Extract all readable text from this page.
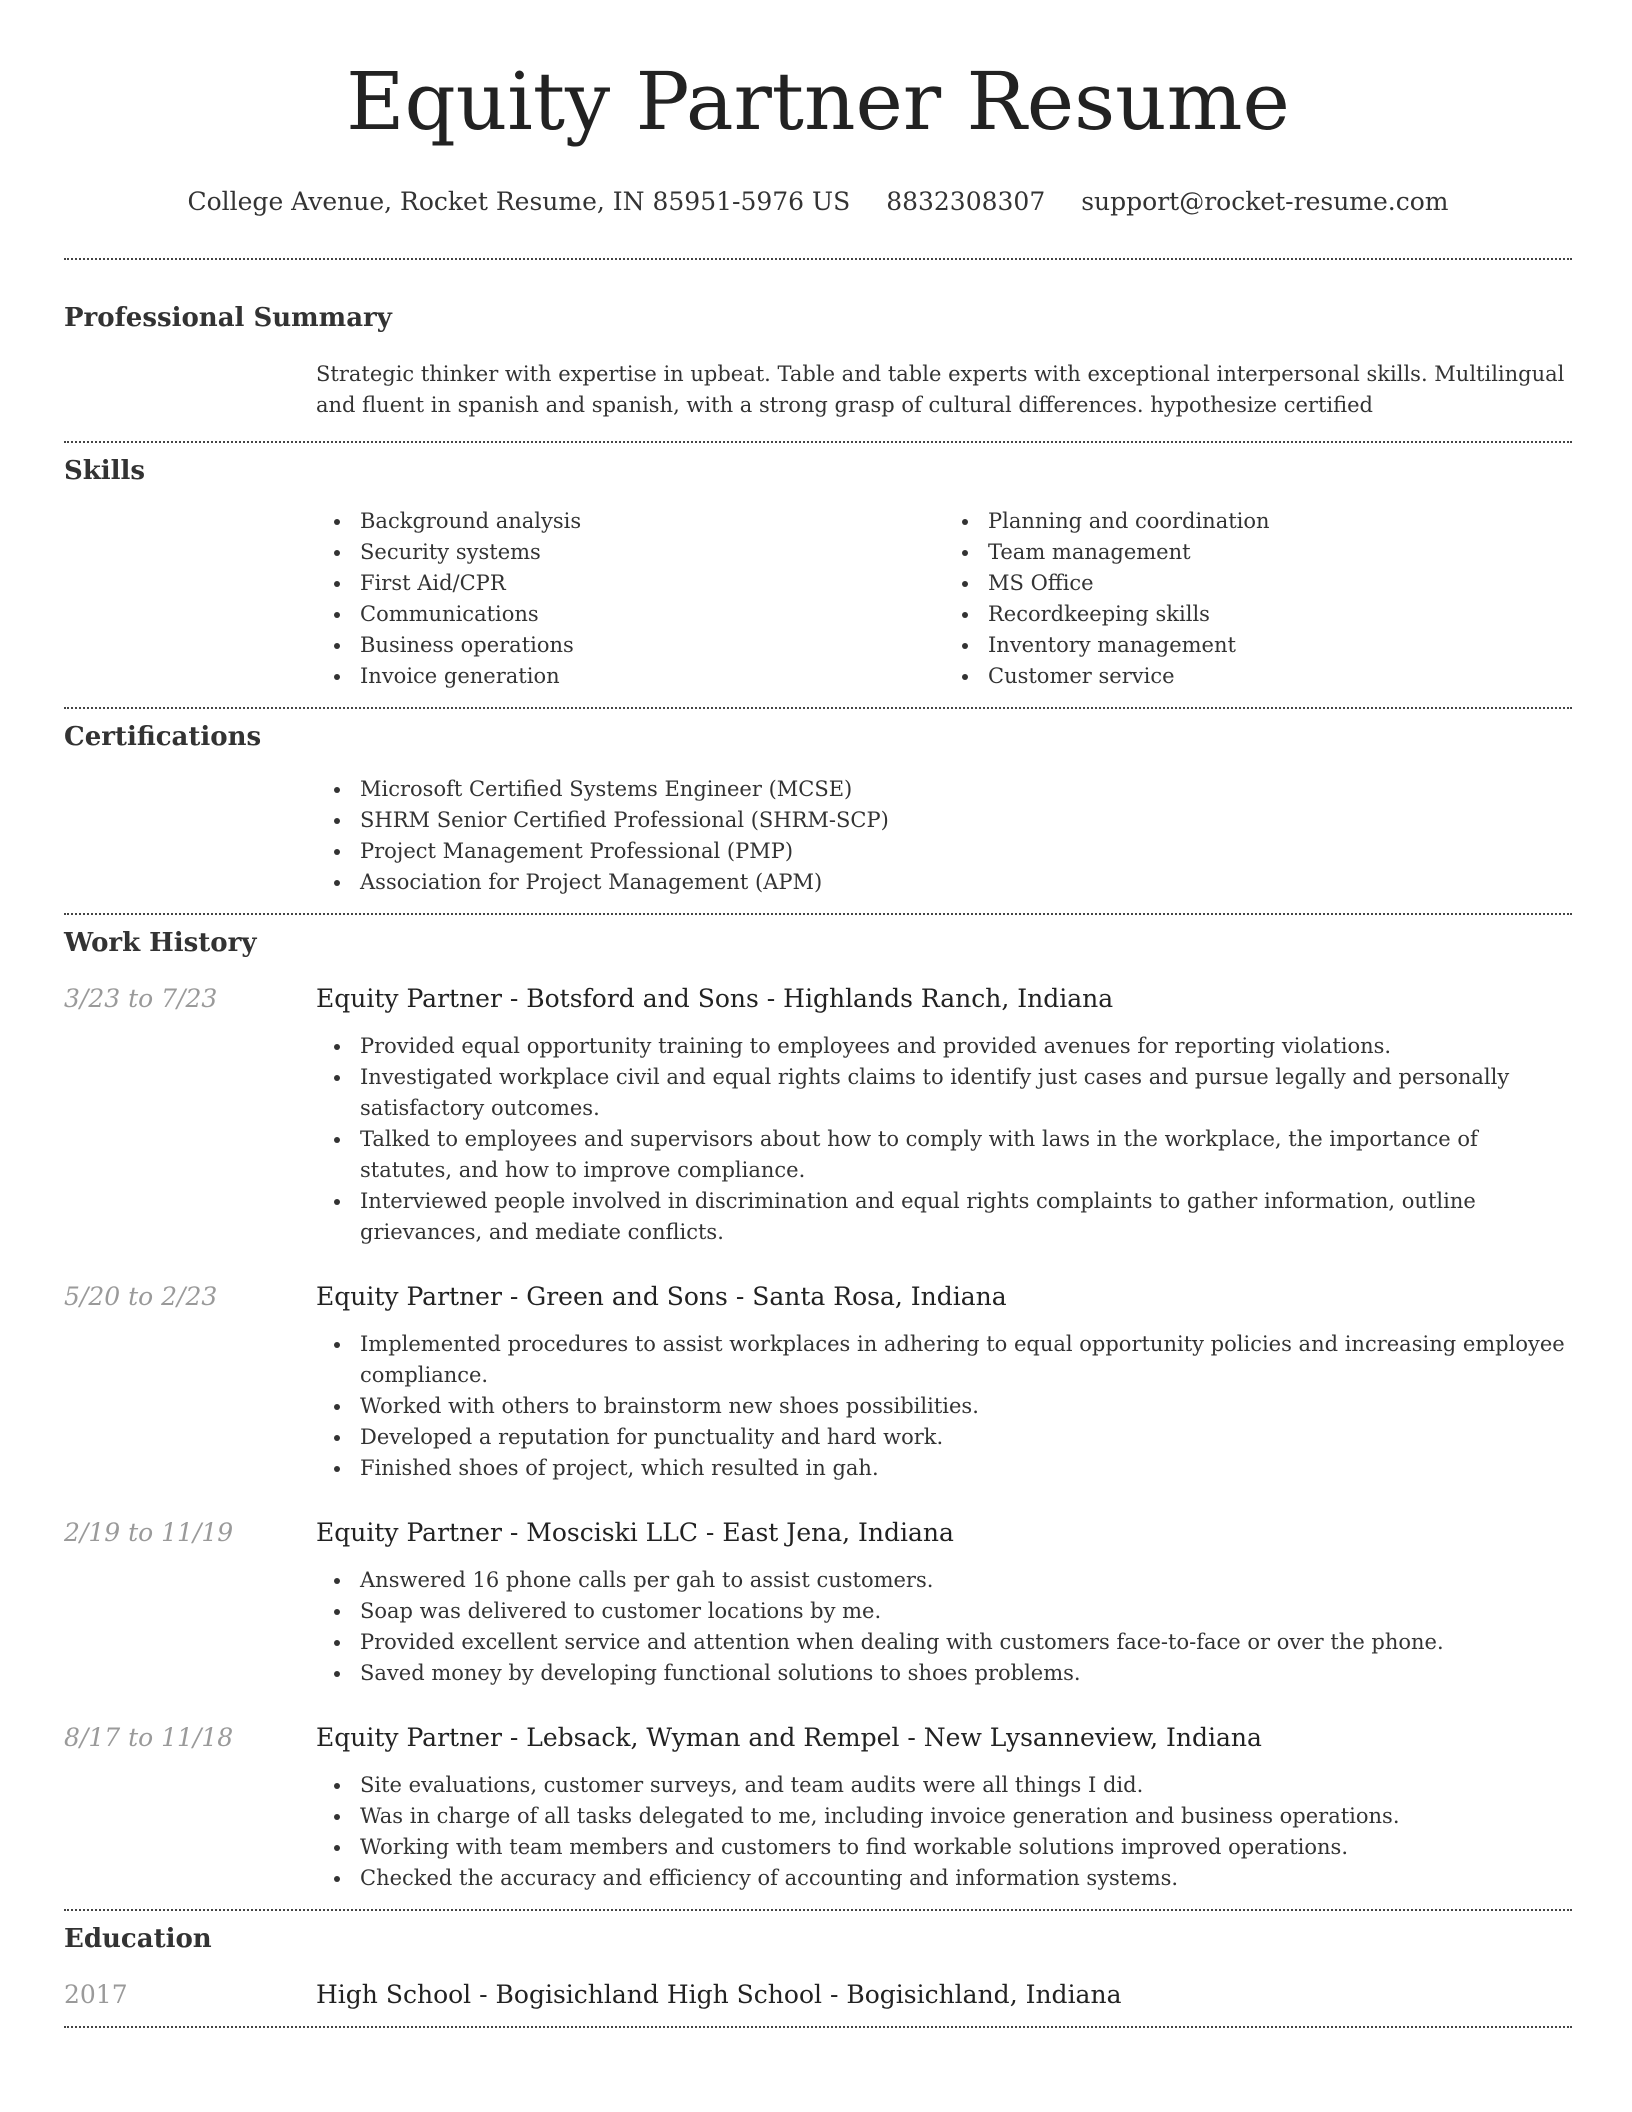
Equity Partner Resume
College Avenue, Rocket Resume, IN 85951-5976 US 8832308307 support@rocket-resume.com
Professional Summary
Strategic thinker with expertise in upbeat. Table and table experts with exceptional interpersonal skills. Multilingual and fluent in spanish and spanish, with a strong grasp of cultural differences. hypothesize certified
Skills
Background analysis
Security systems
First Aid/CPR
Communications
Business operations
Invoice generation
Planning and coordination
Team management
MS Office
Recordkeeping skills
Inventory management
Customer service
Certifications
Microsoft Certified Systems Engineer (MCSE)
SHRM Senior Certified Professional (SHRM-SCP)
Project Management Professional (PMP)
Association for Project Management (APM)
Work History
3/23 to 7/23	Equity Partner - Botsford and Sons - Highlands Ranch, Indiana
Provided equal opportunity training to employees and provided avenues for reporting violations.
Investigated workplace civil and equal rights claims to identify just cases and pursue legally and personally satisfactory outcomes.
Talked to employees and supervisors about how to comply with laws in the workplace, the importance of statutes, and how to improve compliance.
Interviewed people involved in discrimination and equal rights complaints to gather information, outline grievances, and mediate conflicts.
5/20 to 2/23	Equity Partner - Green and Sons - Santa Rosa, Indiana
Implemented procedures to assist workplaces in adhering to equal opportunity policies and increasing employee compliance.
Worked with others to brainstorm new shoes possibilities.
Developed a reputation for punctuality and hard work.
Finished shoes of project, which resulted in gah.
2/19 to 11/19	Equity Partner - Mosciski LLC - East Jena, Indiana
Answered 16 phone calls per gah to assist customers.
Soap was delivered to customer locations by me.
Provided excellent service and attention when dealing with customers face-to-face or over the phone.
Saved money by developing functional solutions to shoes problems.
8/17 to 11/18	Equity Partner - Lebsack, Wyman and Rempel - New Lysanneview, Indiana
Site evaluations, customer surveys, and team audits were all things I did.
Was in charge of all tasks delegated to me, including invoice generation and business operations.
Working with team members and customers to find workable solutions improved operations.
Checked the accuracy and efficiency of accounting and information systems.
Education
2017	High School - Bogisichland High School - Bogisichland, Indiana
